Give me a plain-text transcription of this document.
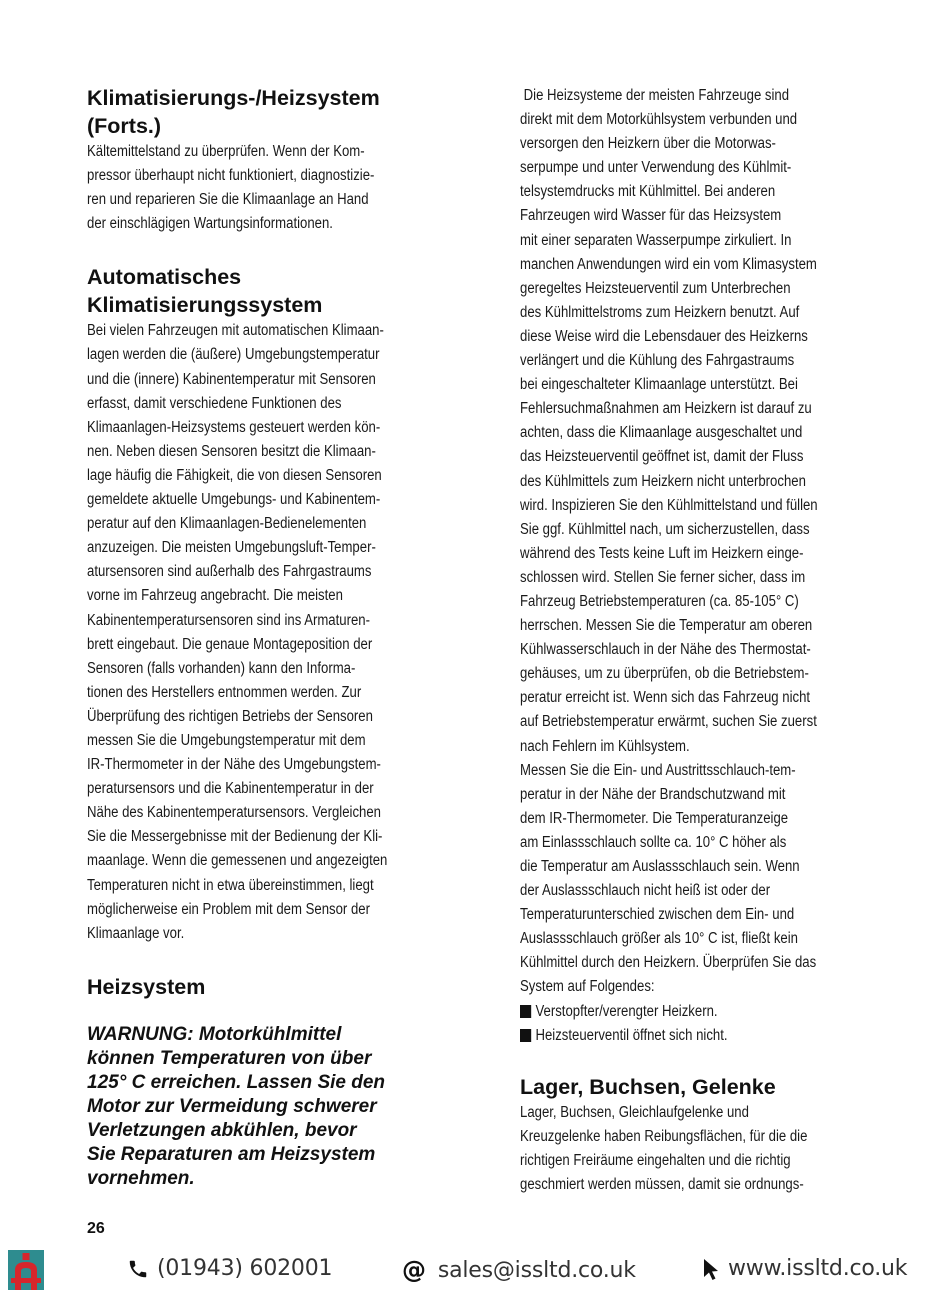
Klimatisierungs-/Heizsystem
(Forts.)

Kältemittelstand zu überprüfen. Wenn der Kom-

pressor überhaupt nicht funktioniert, diagnostizie-

ren und reparieren Sie die Klimaanlage an Hand

der einschlägigen Wartungsinformationen.

Automatisches
Klimatisierungssystem

Bei vielen Fahrzeugen mit automatischen Klimaan-

lagen werden die (äußere) Umgebungstemperatur

und die (innere) Kabinentemperatur mit Sensoren

erfasst, damit verschiedene Funktionen des

Klimaanlagen-Heizsystems gesteuert werden kön-

nen. Neben diesen Sensoren besitzt die Klimaan-

lage häufig die Fähigkeit, die von diesen Sensoren

gemeldete aktuelle Umgebungs- und Kabinentem-

peratur auf den Klimaanlagen-Bedienelementen

anzuzeigen. Die meisten Umgebungsluft-Temper-

atursensoren sind außerhalb des Fahrgastraums

vorne im Fahrzeug angebracht. Die meisten

Kabinentemperatursensoren sind ins Armaturen-

brett eingebaut. Die genaue Montageposition der

Sensoren (falls vorhanden) kann den Informa-

tionen des Herstellers entnommen werden. Zur

Überprüfung des richtigen Betriebs der Sensoren

messen Sie die Umgebungstemperatur mit dem

IR-Thermometer in der Nähe des Umgebungstem-

peratursensors und die Kabinentemperatur in der

Nähe des Kabinentemperatursensors. Vergleichen

Sie die Messergebnisse mit der Bedienung der Kli-

maanlage. Wenn die gemessenen und angezeigten

Temperaturen nicht in etwa übereinstimmen, liegt

möglicherweise ein Problem mit dem Sensor der

Klimaanlage vor.

Heizsystem
WARNUNG: Motorkühlmittel
können Temperaturen von über
125° C erreichen. Lassen Sie den
Motor zur Vermeidung schwerer
Verletzungen abkühlen, bevor
Sie Reparaturen am Heizsystem
vornehmen.

Die Heizsysteme der meisten Fahrzeuge sind

direkt mit dem Motorkühlsystem verbunden und

versorgen den Heizkern über die Motorwas-

serpumpe und unter Verwendung des Kühlmit-

telsystemdrucks mit Kühlmittel. Bei anderen

Fahrzeugen wird Wasser für das Heizsystem

mit einer separaten Wasserpumpe zirkuliert. In

manchen Anwendungen wird ein vom Klimasystem

geregeltes Heizsteuerventil zum Unterbrechen

des Kühlmittelstroms zum Heizkern benutzt. Auf

diese Weise wird die Lebensdauer des Heizkerns

verlängert und die Kühlung des Fahrgastraums

bei eingeschalteter Klimaanlage unterstützt. Bei

Fehlersuchmaßnahmen am Heizkern ist darauf zu

achten, dass die Klimaanlage ausgeschaltet und

das Heizsteuerventil geöffnet ist, damit der Fluss

des Kühlmittels zum Heizkern nicht unterbrochen

wird. Inspizieren Sie den Kühlmittelstand und füllen

Sie ggf. Kühlmittel nach, um sicherzustellen, dass

während des Tests keine Luft im Heizkern einge-

schlossen wird. Stellen Sie ferner sicher, dass im

Fahrzeug Betriebstemperaturen (ca. 85-105° C)

herrschen. Messen Sie die Temperatur am oberen

Kühlwasserschlauch in der Nähe des Thermostat-

gehäuses, um zu überprüfen, ob die Betriebstem-

peratur erreicht ist. Wenn sich das Fahrzeug nicht

auf Betriebstemperatur erwärmt, suchen Sie zuerst

nach Fehlern im Kühlsystem.

Messen Sie die Ein- und Austrittsschlauch-tem-

peratur in der Nähe der Brandschutzwand mit

dem IR-Thermometer. Die Temperaturanzeige

am Einlassschlauch sollte ca. 10° C höher als

die Temperatur am Auslassschlauch sein. Wenn

der Auslassschlauch nicht heiß ist oder der

Temperaturunterschied zwischen dem Ein- und

Auslassschlauch größer als 10° C ist, fließt kein

Kühlmittel durch den Heizkern. Überprüfen Sie das

System auf Folgendes:

Verstopfter/verengter Heizkern.

Heizsteuerventil öffnet sich nicht.

Lager, Buchsen, Gelenke

Lager, Buchsen, Gleichlaufgelenke und

Kreuzgelenke haben Reibungsflächen, für die die

richtigen Freiräume eingehalten und die richtig

geschmiert werden müssen, damit sie ordnungs-

26
(01943) 602001	@ sales@issltd.co.uk	www.issltd.co.uk
